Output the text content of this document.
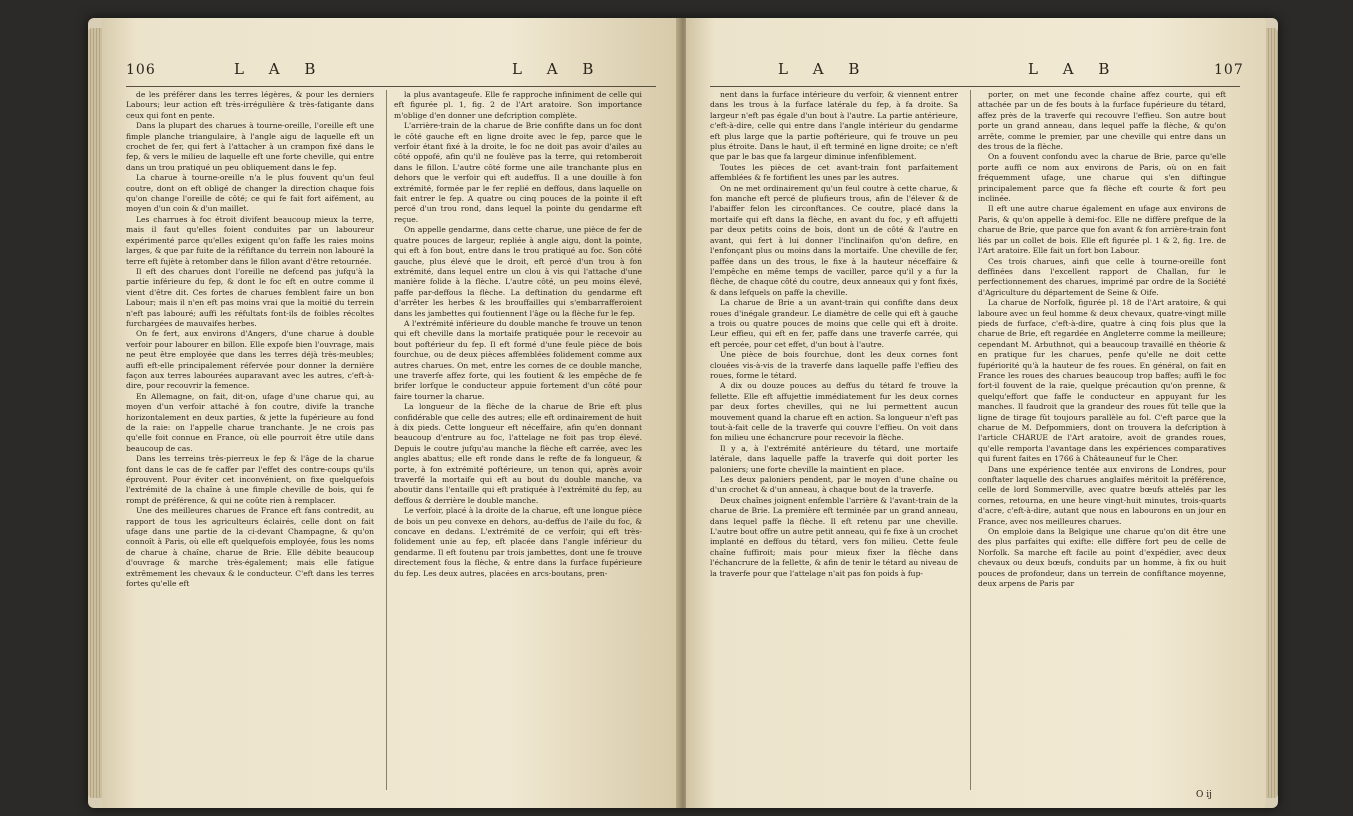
106	L A B	L A B

de les préférer dans les terres légères, & pour les derniers Labours; leur action eft très-irrégulière & très-fatigante dans ceux qui font en pente.

Dans la plupart des charues à tourne-oreille, l'oreille eft une fimple planche triangulaire, à l'angle aigu de laquelle eft un crochet de fer, qui fert à l'attacher à un crampon fixé dans le fep, & vers le milieu de laquelle eft une forte cheville, qui entre dans un trou pratiqué un peu obliquement dans le fep.

La charue à tourne-oreille n'a le plus fouvent qu'un feul coutre, dont on eft obligé de changer la direction chaque fois qu'on change l'oreille de côté; ce qui fe fait fort aifément, au moyen d'un coin & d'un maillet.

Les charrues à foc étroit divifent beaucoup mieux la terre, mais il faut qu'elles foient conduites par un laboureur expérimenté parce qu'elles exigent qu'on faffe les raies moins larges, & que par fuite de la réfiftance du terrein non labouré la terre eft fujète à retomber dans le fillon avant d'être retournée.

Il eft des charues dont l'oreille ne defcend pas jufqu'à la partie inférieure du fep, & dont le foc eft en outre comme il vient d'être dit. Ces fortes de charues femblent faire un bon Labour; mais il n'en eft pas moins vrai que la moitié du terrein n'eft pas labouré; auffi les réfultats font-ils de foibles récoltes furchargées de mauvaifes herbes.

On fe fert, aux environs d'Angers, d'une charue à double verfoir pour labourer en billon. Elle expofe bien l'ouvrage, mais ne peut être employée que dans les terres déjà très-meubles; auffi eft-elle principalement réfervée pour donner la dernière façon aux terres labourées auparavant avec les autres, c'eft-à-dire, pour recouvrir la femence.

En Allemagne, on fait, dit-on, ufage d'une charue qui, au moyen d'un verfoir attaché à fon coutre, divife la tranche horizontalement en deux parties, & jette la fupérieure au fond de la raie: on l'appelle charue tranchante. Je ne crois pas qu'elle foit connue en France, où elle pourroit être utile dans beaucoup de cas.

Dans les terreins très-pierreux le fep & l'âge de la charue font dans le cas de fe caffer par l'effet des contre-coups qu'ils éprouvent. Pour éviter cet inconvénient, on fixe quelquefois l'extrémité de la chaîne à une fimple cheville de bois, qui fe rompt de préférence, & qui ne coûte rien à remplacer.

Une des meilleures charues de France eft fans contredit, au rapport de tous les agriculteurs éclairés, celle dont on fait ufage dans une partie de la ci-devant Champagne, & qu'on connoît à Paris, où elle eft quelquefois employée, fous les noms de charue à chaîne, charue de Brie. Elle débite beaucoup d'ouvrage & marche très-également; mais elle fatigue extrêmement les chevaux & le conducteur. C'eft dans les terres fortes qu'elle eft

la plus avantageufe. Elle fe rapproche infiniment de celle qui eft figurée pl. 1, fig. 2 de l'Art aratoire. Son importance m'oblige d'en donner une defcription complète.

L'arrière-train de la charue de Brie confifte dans un foc dont le côté gauche eft en ligne droite avec le fep, parce que le verfoir étant fixé à la droite, le foc ne doit pas avoir d'ailes au côté oppofé, afin qu'il ne foulève pas la terre, qui retomberoit dans le fillon. L'autre côté forme une aile tranchante plus en dehors que le verfoir qui eft audeffus. Il a une douille à fon extrémité, formée par le fer replié en deffous, dans laquelle on fait entrer le fep. A quatre ou cinq pouces de la pointe il eft percé d'un trou rond, dans lequel la pointe du gendarme eft reçue.

On appelle gendarme, dans cette charue, une pièce de fer de quatre pouces de largeur, repliée à angle aigu, dont la pointe, qui eft à fon bout, entre dans le trou pratiqué au foc. Son côté gauche, plus élevé que le droit, eft percé d'un trou à fon extrémité, dans lequel entre un clou à vis qui l'attache d'une manière folide à la flèche. L'autre côté, un peu moins élevé, paffe par-deffous la flèche. La deftination du gendarme eft d'arrêter les herbes & les brouffailles qui s'embarrafferoient dans les jambettes qui foutiennent l'âge ou la flèche fur le fep.

A l'extrémité inférieure du double manche fe trouve un tenon qui eft cheville dans la mortaife pratiquée pour le recevoir au bout poftérieur du fep. Il eft formé d'une feule pièce de bois fourchue, ou de deux pièces affemblées folidement comme aux autres charues. On met, entre les cornes de ce double manche, une traverfe affez forte, qui les foutient & les empêche de fe brifer lorfque le conducteur appuie fortement d'un côté pour faire tourner la charue.

La longueur de la flèche de la charue de Brie eft plus confidérable que celle des autres; elle eft ordinairement de huit à dix pieds. Cette longueur eft néceffaire, afin qu'en donnant beaucoup d'entrure au foc, l'attelage ne foit pas trop élevé. Depuis le coutre jufqu'au manche la flèche eft carrée, avec les angles abattus; elle eft ronde dans le refte de fa longueur, & porte, à fon extrémité poftérieure, un tenon qui, après avoir traverfé la mortaife qui eft au bout du double manche, va aboutir dans l'entaille qui eft pratiquée à l'extrémité du fep, au deffous & derrière le double manche.

Le verfoir, placé à la droite de la charue, eft une longue pièce de bois un peu convexe en dehors, au-deffus de l'aile du foc, & concave en dedans. L'extrémité de ce verfoir, qui eft très-folidement unie au fep, eft placée dans l'angle inférieur du gendarme. Il eft foutenu par trois jambettes, dont une fe trouve directement fous la flèche, & entre dans la furface fupérieure du fep. Les deux autres, placées en arcs-boutans, pren-

L A B	L A B	107

nent dans la furface intérieure du verfoir, & viennent entrer dans les trous à la furface latérale du fep, à fa droite. Sa largeur n'eft pas égale d'un bout à l'autre. La partie antérieure, c'eft-à-dire, celle qui entre dans l'angle intérieur du gendarme eft plus large que la partie poftérieure, qui fe trouve un peu plus étroite. Dans le haut, il eft terminé en ligne droite; ce n'eft que par le bas que fa largeur diminue infenfiblement.

Toutes les pièces de cet avant-train font parfaitement affemblées & fe fortifient les unes par les autres.

On ne met ordinairement qu'un feul coutre à cette charue, & fon manche eft percé de plufieurs trous, afin de l'élever & de l'abaiffer felon les circonftances. Ce coutre, placé dans la mortaife qui eft dans la flèche, en avant du foc, y eft affujetti par deux petits coins de bois, dont un de côté & l'autre en avant, qui fert à lui donner l'inclinaifon qu'on defire, en l'enfonçant plus ou moins dans la mortaife. Une cheville de fer, paffée dans un des trous, le fixe à la hauteur néceffaire & l'empêche en même temps de vaciller, parce qu'il y a fur la flèche, de chaque côté du coutre, deux anneaux qui y font fixés, & dans lefquels on paffe la cheville.

La charue de Brie a un avant-train qui confifte dans deux roues d'inégale grandeur. Le diamètre de celle qui eft à gauche a trois ou quatre pouces de moins que celle qui eft à droite. Leur effieu, qui eft en fer, paffe dans une traverfe carrée, qui eft percée, pour cet effet, d'un bout à l'autre.

Une pièce de bois fourchue, dont les deux cornes font clouées vis-à-vis de la traverfe dans laquelle paffe l'effieu des roues, forme le tétard.

A dix ou douze pouces au deffus du tétard fe trouve la fellette. Elle eft affujettie immédiatement fur les deux cornes par deux fortes chevilles, qui ne lui permettent aucun mouvement quand la charue eft en action. Sa longueur n'eft pas tout-à-fait celle de la traverfe qui couvre l'effieu. On voit dans fon milieu une échancrure pour recevoir la flèche.

Il y a, à l'extrémité antérieure du tétard, une mortaife latérale, dans laquelle paffe la traverfe qui doit porter les paloniers; une forte cheville la maintient en place.

Les deux paloniers pendent, par le moyen d'une chaîne ou d'un crochet & d'un anneau, à chaque bout de la traverfe.

Deux chaînes joignent enfemble l'arrière & l'avant-train de la charue de Brie. La première eft terminée par un grand anneau, dans lequel paffe la flèche. Il eft retenu par une cheville. L'autre bout offre un autre petit anneau, qui fe fixe à un crochet implanté en deffous du tétard, vers fon milieu. Cette feule chaîne fuffiroit; mais pour mieux fixer la flèche dans l'échancrure de la fellette, & afin de tenir le tétard au niveau de la traverfe pour que l'attelage n'ait pas fon poids à fup-

porter, on met une feconde chaîne affez courte, qui eft attachée par un de fes bouts à la furface fupérieure du tétard, affez près de la traverfe qui recouvre l'effieu. Son autre bout porte un grand anneau, dans lequel paffe la flèche, & qu'on arrête, comme le premier, par une cheville qui entre dans un des trous de la flèche.

On a fouvent confondu avec la charue de Brie, parce qu'elle porte auffi ce nom aux environs de Paris, où on en fait fréquemment ufage, une charue qui s'en diftingue principalement parce que fa flèche eft courte & fort peu inclinée.

Il eft une autre charue également en ufage aux environs de Paris, & qu'on appelle à demi-foc. Elle ne diffère prefque de la charue de Brie, que parce que fon avant & fon arrière-train font liés par un collet de bois. Elle eft figurée pl. 1 & 2, fig. 1re. de l'Art aratoire. Elle fait un fort bon Labour.

Ces trois charues, ainfi que celle à tourne-oreille font deffinées dans l'excellent rapport de Challan, fur le perfectionnement des charues, imprimé par ordre de la Société d'Agriculture du département de Seine & Oife.

La charue de Norfolk, figurée pl. 18 de l'Art aratoire, & qui laboure avec un feul homme & deux chevaux, quatre-vingt mille pieds de furface, c'eft-à-dire, quatre à cinq fois plus que la charue de Brie, eft regardée en Angleterre comme la meilleure; cependant M. Arbuthnot, qui a beaucoup travaillé en théorie & en pratique fur les charues, penfe qu'elle ne doit cette fupériorité qu'à la hauteur de fes roues. En général, on fait en France les roues des charues beaucoup trop baffes; auffi le foc fort-il fouvent de la raie, quelque précaution qu'on prenne, & quelqu'effort que faffe le conducteur en appuyant fur les manches. Il faudroit que la grandeur des roues fût telle que la ligne de tirage fût toujours parallèle au fol. C'eft parce que la charue de M. Defpommiers, dont on trouvera la defcription à l'article CHARUE de l'Art aratoire, avoit de grandes roues, qu'elle remporta l'avantage dans les expériences comparatives qui furent faites en 1766 à Châteauneuf fur le Cher.

Dans une expérience tentée aux environs de Londres, pour conftater laquelle des charues anglaifes méritoit la préférence, celle de lord Sommerville, avec quatre bœufs attelés par les cornes, retourna, en une heure vingt-huit minutes, trois-quarts d'acre, c'eft-à-dire, autant que nous en labourons en un jour en France, avec nos meilleures charues.

On emploie dans la Belgique une charue qu'on dit être une des plus parfaites qui exifte: elle diffère fort peu de celle de Norfolk. Sa marche eft facile au point d'expédier, avec deux chevaux ou deux bœufs, conduits par un homme, à fix ou huit pouces de profondeur, dans un terrein de confiftance moyenne, deux arpens de Paris par

O ij
